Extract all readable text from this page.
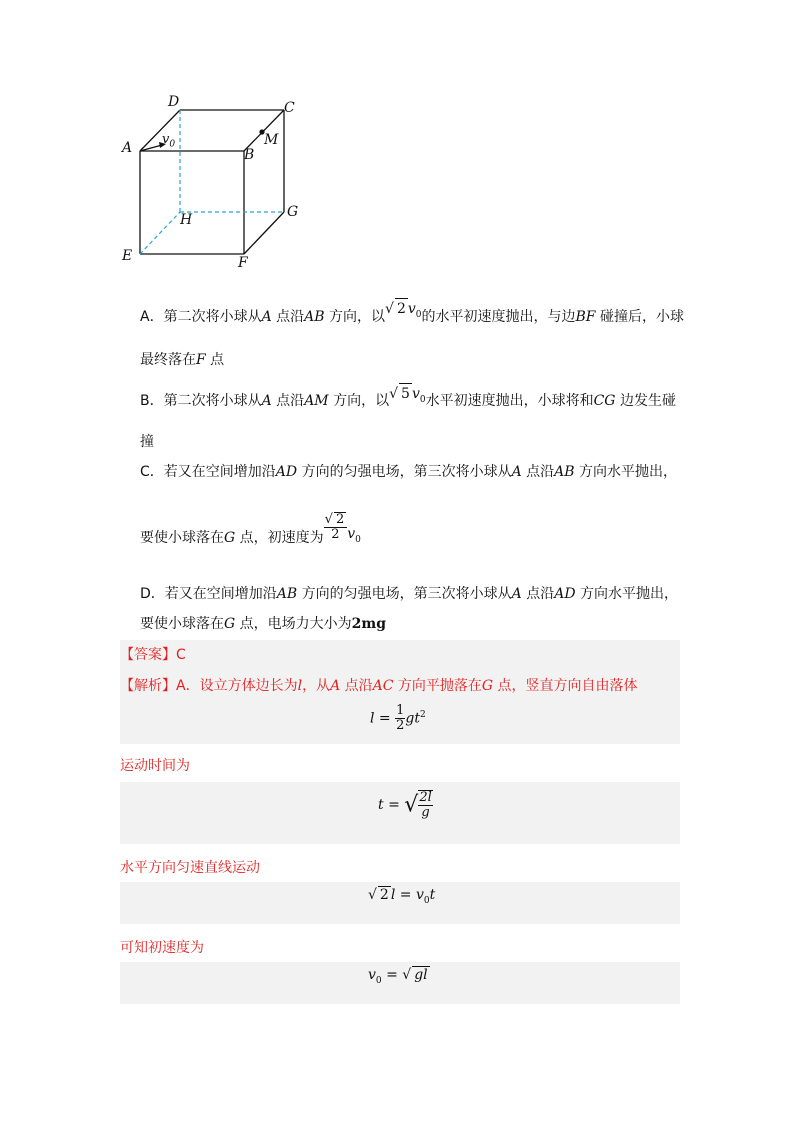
D	C
A
$v_0$
B
M
H	G
E	F
A．第二次将小球从A 点沿AB 方向，以√ 2 $v_0$的水平初速度抛出，与边BF 碰撞后，小球
最终落在F 点
B．第二次将小球从A 点沿AM 方向，以√ 5 $v_0$水平初速度抛出，小球将和CG 边发生碰
撞
C．若又在空间增加沿AD 方向的匀强电场，第三次将小球从A 点沿AB 方向水平抛出，
要使小球落在G 点，初速度为 $\frac{√ 2}{2} v_0$
D．若又在空间增加沿AB 方向的匀强电场，第三次将小球从A 点沿AD 方向水平抛出，
要使小球落在G 点，电场力大小为2mg
【答案】C
【解析】A．设立方体边长为l，从A 点沿AC 方向平抛落在G 点，竖直方向自由落体
$l = \frac{1}{2} gt^2$
运动时间为
t = √ $\frac{2l}{g}$
水平方向匀速直线运动
√ 2 $l = v_0t$
可知初速度为
$v_0$ = √ gl
